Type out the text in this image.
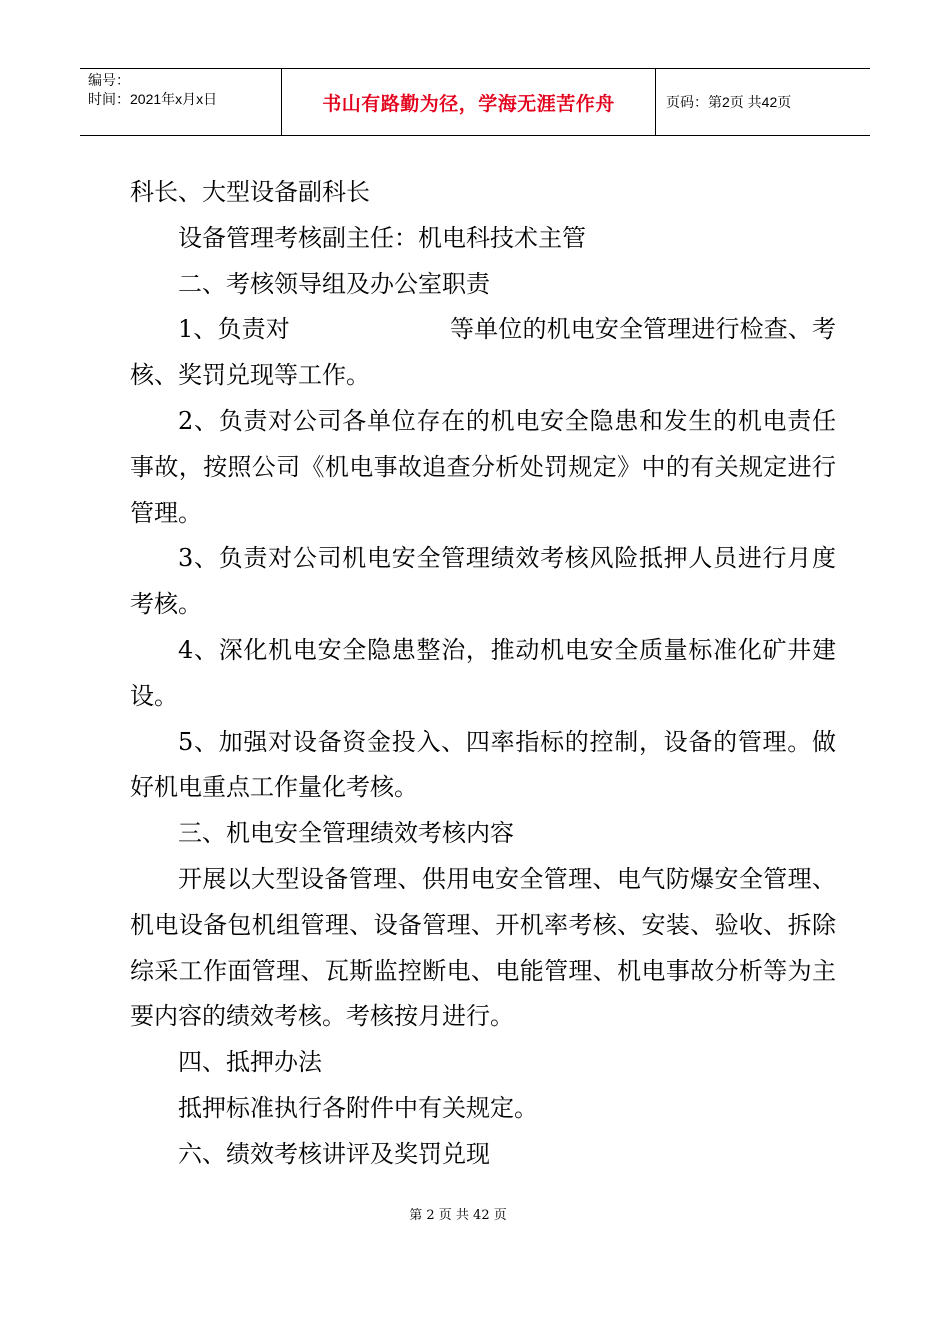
编号：
时间：2021年x月x日	书山有路勤为径，学海无涯苦作舟	页码：第2页 共42页

科长、大型设备副科长

设备管理考核副主任：机电科技术主管

二、考核领导组及办公室职责

1、负责对	等单位的机电安全管理进行检查、考核、奖罚兑现等工作。

2、负责对公司各单位存在的机电安全隐患和发生的机电责任事故，按照公司《机电事故追查分析处罚规定》中的有关规定进行管理。

3、负责对公司机电安全管理绩效考核风险抵押人员进行月度考核。

4、深化机电安全隐患整治，推动机电安全质量标准化矿井建设。

5、加强对设备资金投入、四率指标的控制，设备的管理。做好机电重点工作量化考核。

三、机电安全管理绩效考核内容

开展以大型设备管理、供用电安全管理、电气防爆安全管理、机电设备包机组管理、设备管理、开机率考核、安装、验收、拆除综采工作面管理、瓦斯监控断电、电能管理、机电事故分析等为主要内容的绩效考核。考核按月进行。

四、抵押办法

抵押标准执行各附件中有关规定。

六、绩效考核讲评及奖罚兑现

第 2 页 共 42 页
